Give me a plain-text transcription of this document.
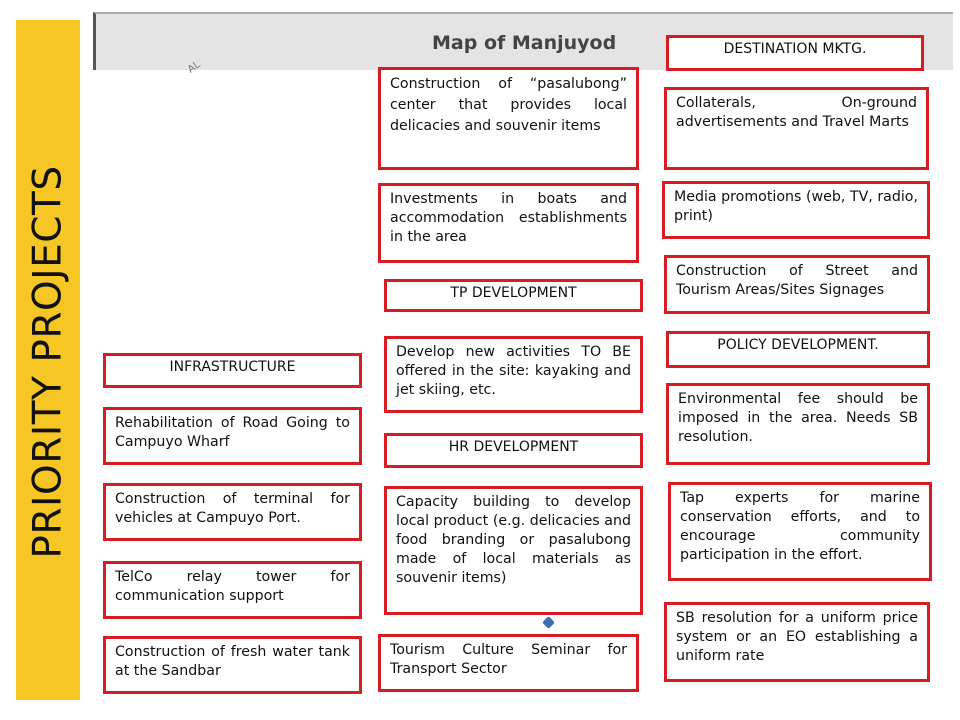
PRIORITY PROJECTS
Map of Manjuyod
AL
INFRASTRUCTURE
Rehabilitation of Road Going to Campuyo Wharf
Construction of terminal for vehicles at Campuyo Port.
TelCo relay tower for communication support
Construction of fresh water tank at the Sandbar
Construction of “pasalubong” center that provides local delicacies and souvenir items
Investments in boats and accommodation establishments in the area
TP DEVELOPMENT
Develop new activities TO BE offered in the site: kayaking and jet skiing, etc.
HR DEVELOPMENT
Capacity building to develop local product (e.g. delicacies and food branding or pasalubong made of local materials as souvenir items)
Tourism Culture Seminar for Transport Sector
DESTINATION MKTG.
Collaterals, On-ground advertisements and Travel Marts
Media promotions (web, TV, radio, print)
Construction of Street and Tourism Areas/Sites Signages
POLICY DEVELOPMENT.
Environmental fee should be imposed in the area. Needs SB resolution.
Tap experts for marine conservation efforts, and to encourage community participation in the effort.
SB resolution for a uniform price system or an EO establishing a uniform rate
